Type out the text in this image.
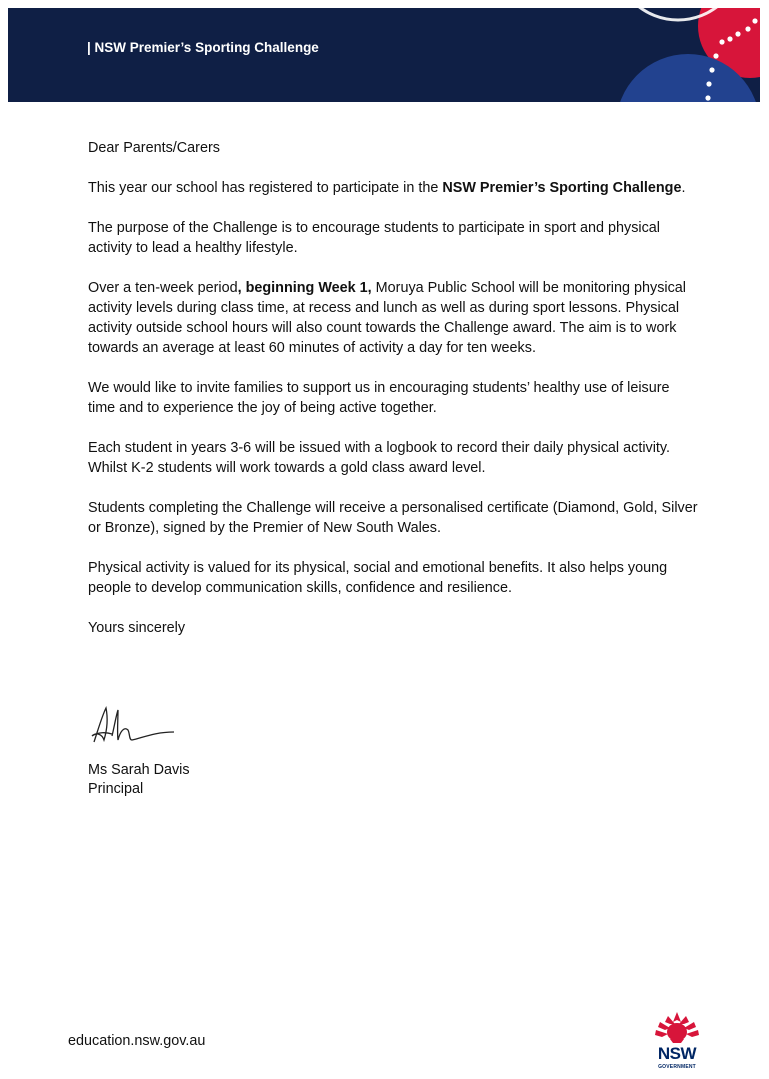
| NSW Premier’s Sporting Challenge

Dear Parents/Carers

This year our school has registered to participate in the NSW Premier’s Sporting Challenge.

The purpose of the Challenge is to encourage students to participate in sport and physical activity to lead a healthy lifestyle.

Over a ten-week period, beginning Week 1, Moruya Public School will be monitoring physical activity levels during class time, at recess and lunch as well as during sport lessons. Physical activity outside school hours will also count towards the Challenge award. The aim is to work towards an average at least 60 minutes of activity a day for ten weeks.

We would like to invite families to support us in encouraging students’ healthy use of leisure time and to experience the joy of being active together.

Each student in years 3-6 will be issued with a logbook to record their daily physical activity. Whilst K-2 students will work towards a gold class award level.

Students completing the Challenge will receive a personalised certificate (Diamond, Gold, Silver or Bronze), signed by the Premier of New South Wales.

Physical activity is valued for its physical, social and emotional benefits. It also helps young people to develop communication skills, confidence and resilience.

Yours sincerely

Ms Sarah Davis
Principal
education.nsw.gov.au
NSW
GOVERNMENT
